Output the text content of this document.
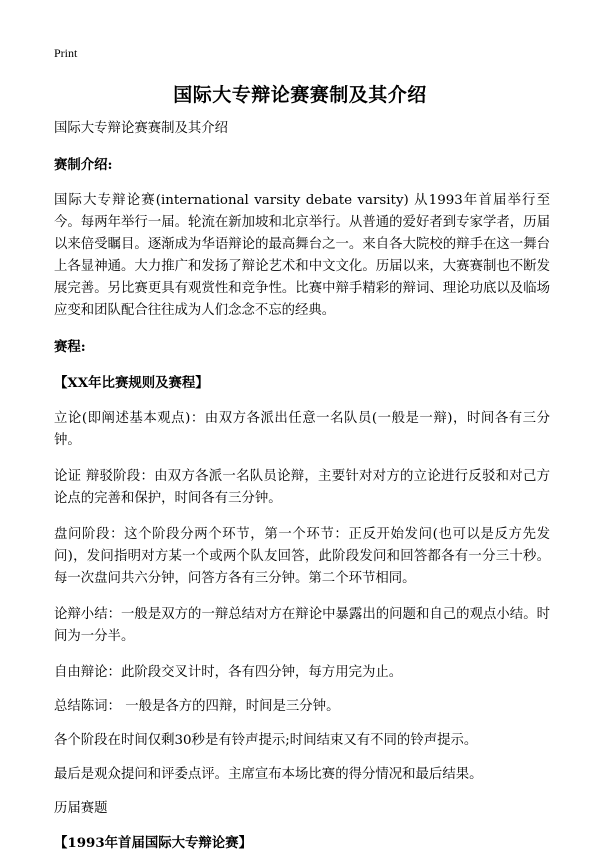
Print
国际大专辩论赛赛制及其介绍

国际大专辩论赛赛制及其介绍

赛制介绍:

国际大专辩论赛(international varsity debate varsity) 从1993年首届举行至今。每两年举行一届。轮流在新加坡和北京举行。从普通的爱好者到专家学者，历届以来倍受瞩目。逐渐成为华语辩论的最高舞台之一。来自各大院校的辩手在这一舞台上各显神通。大力推广和发扬了辩论艺术和中文文化。历届以来，大赛赛制也不断发展完善。另比赛更具有观赏性和竞争性。比赛中辩手精彩的辩词、理论功底以及临场应变和团队配合往往成为人们念念不忘的经典。

赛程:

【XX年比赛规则及赛程】

立论(即阐述基本观点)：由双方各派出任意一名队员(一般是一辩)，时间各有三分钟。

论证 辩驳阶段：由双方各派一名队员论辩，主要针对对方的立论进行反驳和对己方论点的完善和保护，时间各有三分钟。

盘问阶段：这个阶段分两个环节，第一个环节：正反开始发问(也可以是反方先发问)，发问指明对方某一个或两个队友回答，此阶段发问和回答都各有一分三十秒。每一次盘问共六分钟，问答方各有三分钟。第二个环节相同。

论辩小结：一般是双方的一辩总结对方在辩论中暴露出的问题和自己的观点小结。时间为一分半。

自由辩论：此阶段交叉计时，各有四分钟，每方用完为止。

总结陈词： 一般是各方的四辩，时间是三分钟。

各个阶段在时间仅剩30秒是有铃声提示;时间结束又有不同的铃声提示。

最后是观众提问和评委点评。主席宣布本场比赛的得分情况和最后结果。

历届赛题

【1993年首届国际大专辩论赛】
